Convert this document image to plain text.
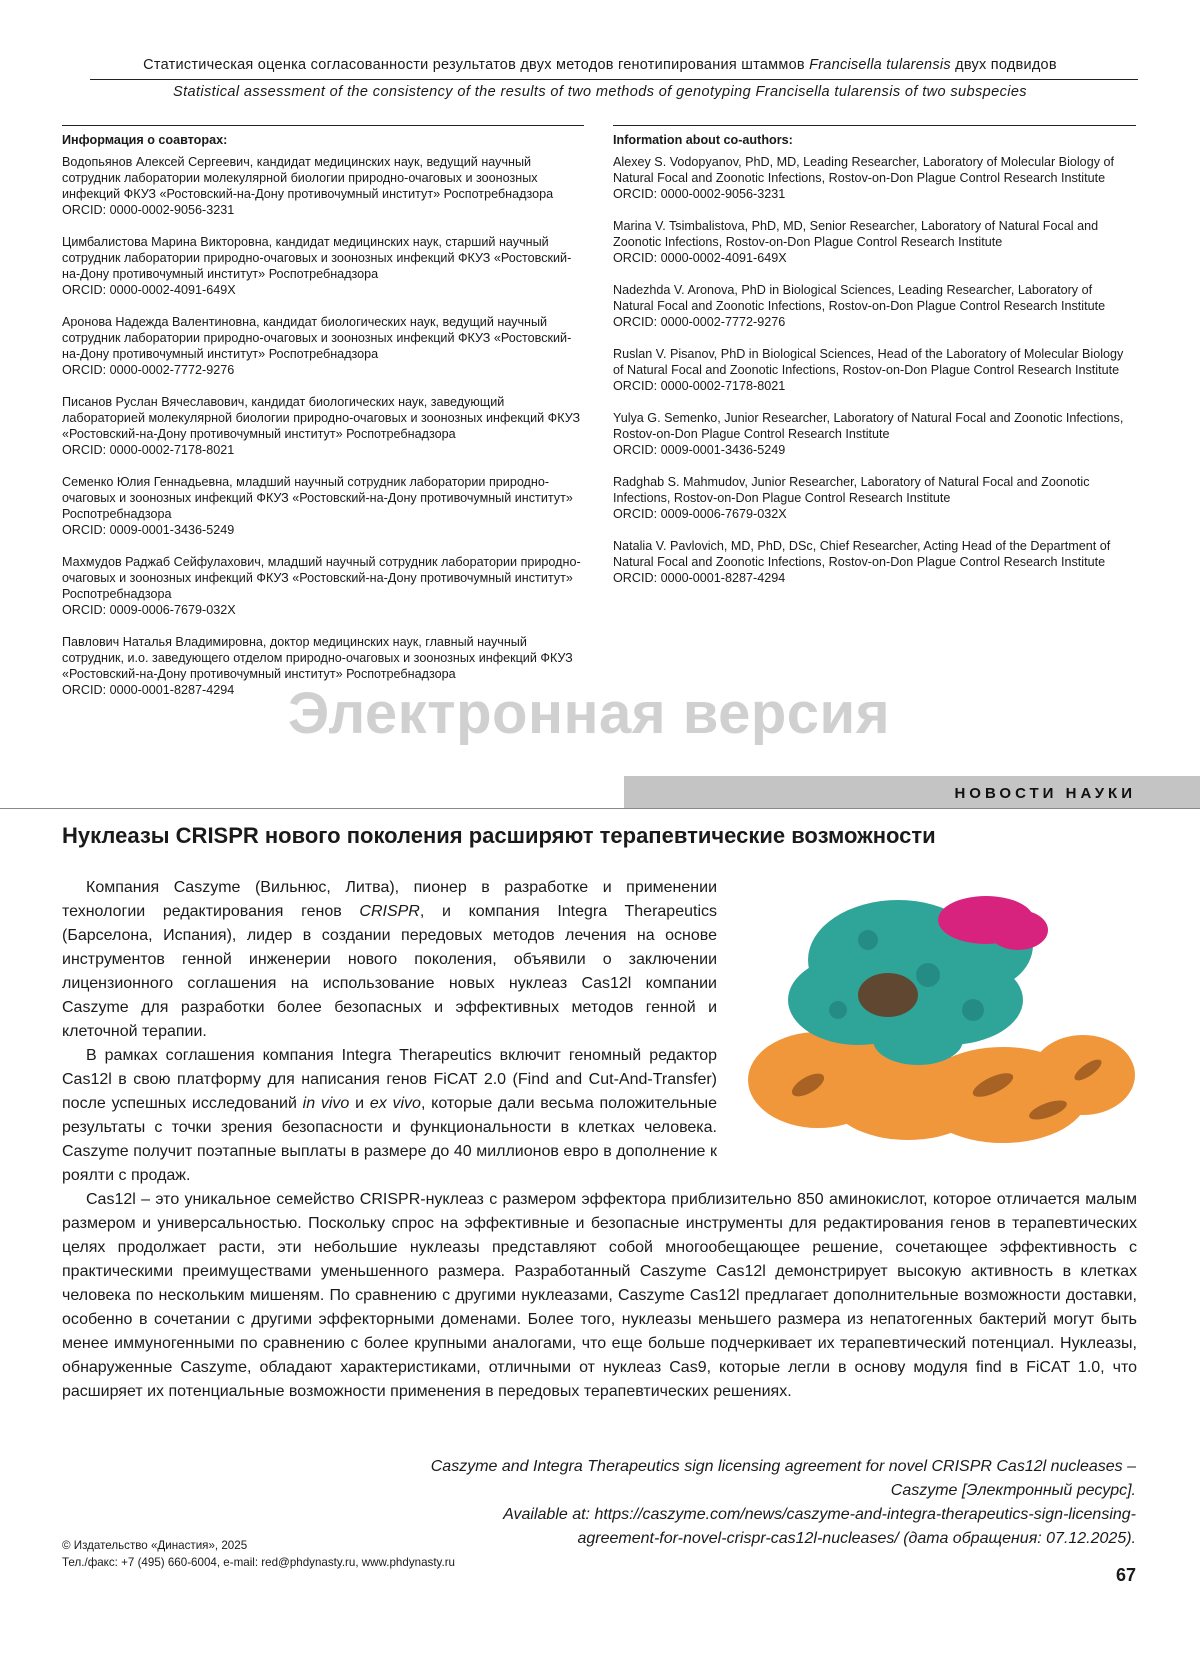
Статистическая оценка согласованности результатов двух методов генотипирования штаммов Francisella tularensis двух подвидов
Statistical assessment of the consistency of the results of two methods of genotyping Francisella tularensis of two subspecies
Информация о соавторах:

Водопьянов Алексей Сергеевич, кандидат медицинских наук, ведущий научный сотрудник лаборатории молекулярной биологии природно-очаговых и зоонозных инфекций ФКУЗ «Ростовский-на-Дону противочумный институт» Роспотребнадзора

ORCID: 0000-0002-9056-3231

Цимбалистова Марина Викторовна, кандидат медицинских наук, старший научный сотрудник лаборатории природно-очаговых и зоонозных инфекций ФКУЗ «Ростовский-на-Дону противочумный институт» Роспотребнадзора

ORCID: 0000-0002-4091-649X

Аронова Надежда Валентиновна, кандидат биологических наук, ведущий научный сотрудник лаборатории природно-очаговых и зоонозных инфекций ФКУЗ «Ростовский-на-Дону противочумный институт» Роспотребнадзора

ORCID: 0000-0002-7772-9276

Писанов Руслан Вячеславович, кандидат биологических наук, заведующий лабораторией молекулярной биологии природно-очаговых и зоонозных инфекций ФКУЗ «Ростовский-на-Дону противочумный институт» Роспотребнадзора

ORCID: 0000-0002-7178-8021

Семенко Юлия Геннадьевна, младший научный сотрудник лаборатории природно-очаговых и зоонозных инфекций ФКУЗ «Ростовский-на-Дону противочумный институт» Роспотребнадзора

ORCID: 0009-0001-3436-5249

Махмудов Раджаб Сейфулахович, младший научный сотрудник лаборатории природно-очаговых и зоонозных инфекций ФКУЗ «Ростовский-на-Дону противочумный институт» Роспотребнадзора

ORCID: 0009-0006-7679-032X

Павлович Наталья Владимировна, доктор медицинских наук, главный научный сотрудник, и.о. заведующего отделом природно-очаговых и зоонозных инфекций ФКУЗ «Ростовский-на-Дону противочумный институт» Роспотребнадзора

ORCID: 0000-0001-8287-4294

Information about co-authors:

Alexey S. Vodopyanov, PhD, MD, Leading Researcher, Laboratory of Molecular Biology of Natural Focal and Zoonotic Infections, Rostov-on-Don Plague Control Research Institute

ORCID: 0000-0002-9056-3231

Marina V. Tsimbalistova, PhD, MD, Senior Researcher, Laboratory of Natural Focal and Zoonotic Infections, Rostov-on-Don Plague Control Research Institute

ORCID: 0000-0002-4091-649X

Nadezhda V. Aronova, PhD in Biological Sciences, Leading Researcher, Laboratory of Natural Focal and Zoonotic Infections, Rostov-on-Don Plague Control Research Institute

ORCID: 0000-0002-7772-9276

Ruslan V. Pisanov, PhD in Biological Sciences, Head of the Laboratory of Molecular Biology of Natural Focal and Zoonotic Infections, Rostov-on-Don Plague Control Research Institute

ORCID: 0000-0002-7178-8021

Yulya G. Semenko, Junior Researcher, Laboratory of Natural Focal and Zoonotic Infections, Rostov-on-Don Plague Control Research Institute

ORCID: 0009-0001-3436-5249

Radghab S. Mahmudov, Junior Researcher, Laboratory of Natural Focal and Zoonotic Infections, Rostov-on-Don Plague Control Research Institute

ORCID: 0009-0006-7679-032X

Natalia V. Pavlovich, MD, PhD, DSc, Chief Researcher, Acting Head of the Department of Natural Focal and Zoonotic Infections, Rostov-on-Don Plague Control Research Institute

ORCID: 0000-0001-8287-4294

Электронная версия
НОВОСТИ НАУКИ
Нуклеазы CRISPR нового поколения расширяют терапевтические возможности

Компания Caszyme (Вильнюс, Литва), пионер в разработке и применении технологии редактирования генов CRISPR, и компания Integra Therapeutics (Барселона, Испания), лидер в создании передовых методов лечения на основе инструментов генной инженерии нового поколения, объявили о заключении лицензионного соглашения на использование новых нуклеаз Cas12l компании Caszyme для разработки более безопасных и эффективных методов генной и клеточной терапии.

В рамках соглашения компания Integra Therapeutics включит геномный редактор Cas12l в свою платформу для написания генов FiCAT 2.0 (Find and Cut-And-Transfer) после успешных исследований in vivo и ex vivo, которые дали весьма положительные результаты с точки зрения безопасности и функциональности в клетках человека. Caszyme получит поэтапные выплаты в размере до 40 миллионов евро в дополнение к роялти с продаж.

Cas12l – это уникальное семейство CRISPR-нуклеаз с размером эффектора приблизительно 850 аминокислот, которое отличается малым размером и универсальностью. Поскольку спрос на эффективные и безопасные инструменты для редактирования генов в терапевтических целях продолжает расти, эти небольшие нуклеазы представляют собой многообещающее решение, сочетающее эффективность с практическими преимуществами уменьшенного размера. Разработанный Caszyme Cas12l демонстрирует высокую активность в клетках человека по нескольким мишеням. По сравнению с другими нуклеазами, Caszyme Cas12l предлагает дополнительные возможности доставки, особенно в сочетании с другими эффекторными доменами. Более того, нуклеазы меньшего размера из непатогенных бактерий могут быть менее иммуногенными по сравнению с более крупными аналогами, что еще больше подчеркивает их терапевтический потенциал. Нуклеазы, обнаруженные Caszyme, обладают характеристиками, отличными от нуклеаз Cas9, которые легли в основу модуля find в FiCAT 1.0, что расширяет их потенциальные возможности применения в передовых терапевтических решениях.

Caszyme and Integra Therapeutics sign licensing agreement for novel CRISPR Cas12l nucleases –
Caszyme [Электронный ресурс].
Available at: https://caszyme.com/news/caszyme-and-integra-therapeutics-sign-licensing-
agreement-for-novel-crispr-cas12l-nucleases/ (дата обращения: 07.12.2025).
© Издательство «Династия», 2025
Тел./факс: +7 (495) 660-6004, e-mail: red@phdynasty.ru, www.phdynasty.ru
67
